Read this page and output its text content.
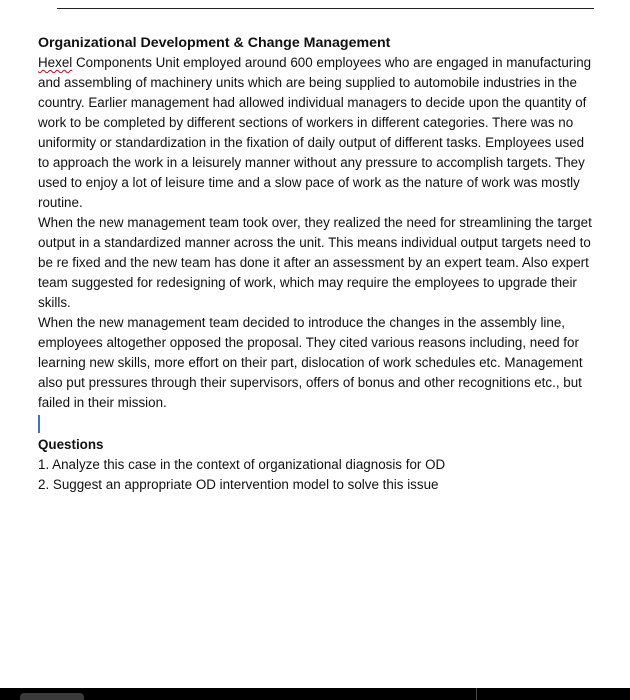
Organizational Development & Change Management

Hexel Components Unit employed around 600 employees who are engaged in manufacturing and assembling of machinery units which are being supplied to automobile industries in the country. Earlier management had allowed individual managers to decide upon the quantity of work to be completed by different sections of workers in different categories. There was no uniformity or standardization in the fixation of daily output of different tasks. Employees used to approach the work in a leisurely manner without any pressure to accomplish targets. They used to enjoy a lot of leisure time and a slow pace of work as the nature of work was mostly routine.

When the new management team took over, they realized the need for streamlining the target output in a standardized manner across the unit. This means individual output targets need to be re fixed and the new team has done it after an assessment by an expert team. Also expert team suggested for redesigning of work, which may require the employees to upgrade their skills.

When the new management team decided to introduce the changes in the assembly line, employees altogether opposed the proposal. They cited various reasons including, need for learning new skills, more effort on their part, dislocation of work schedules etc. Management also put pressures through their supervisors, offers of bonus and other recognitions etc., but failed in their mission.

Questions

1. Analyze this case in the context of organizational diagnosis for OD
2. Suggest an appropriate OD intervention model to solve this issue
